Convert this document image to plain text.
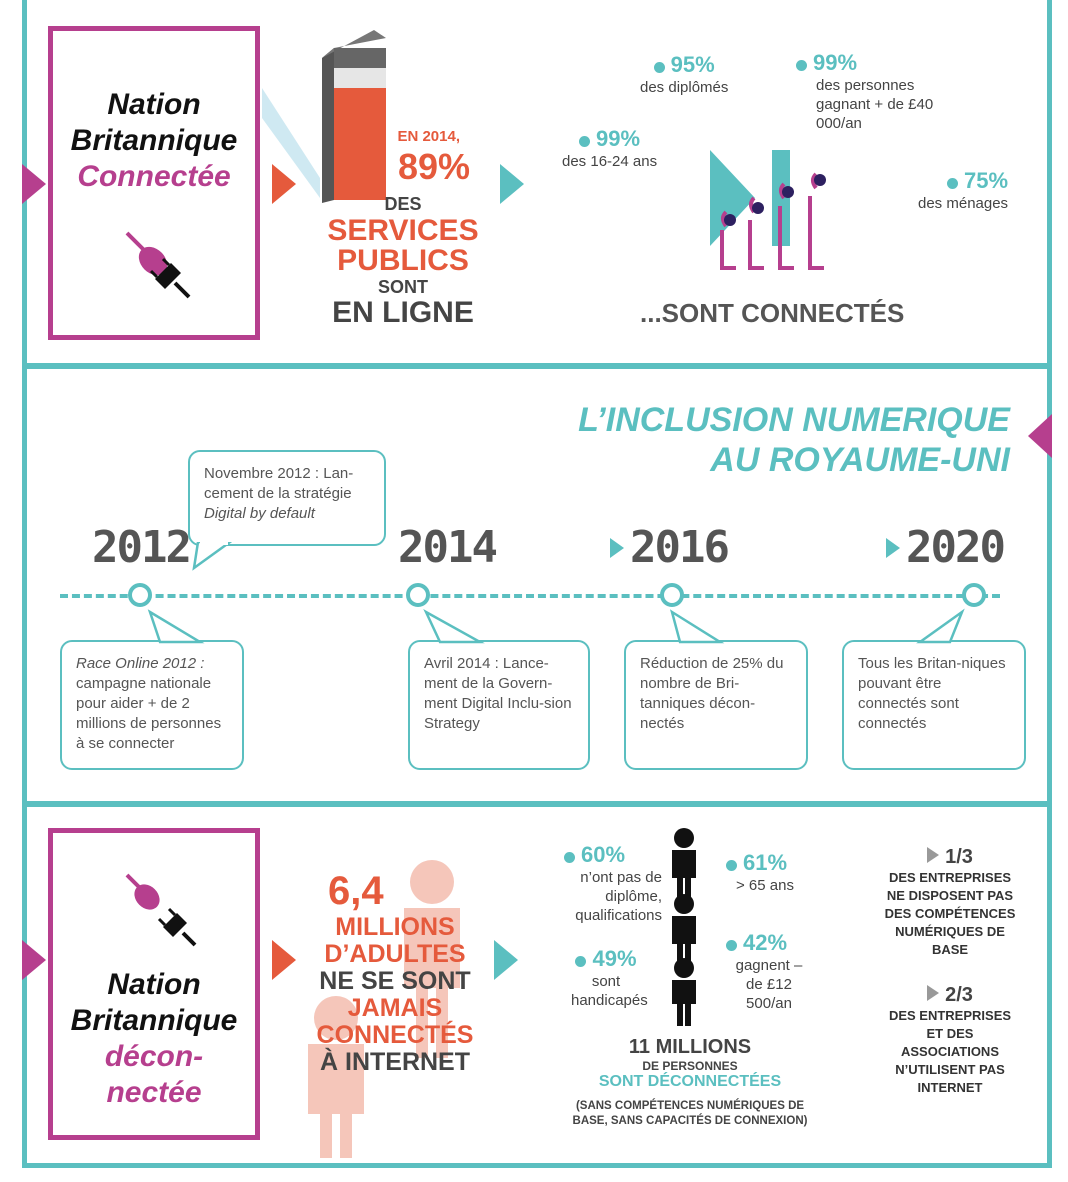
Nation
Britannique
Connectée
EN 2014,
89%
DES
SERVICES
PUBLICS
SONT
EN LIGNE
95%
des diplômés
99%
des personnes gagnant + de £40 000/an
99%
des 16-24 ans
75%
des ménages
...SONT CONNECTÉS
L’INCLUSION NUMERIQUE
AU ROYAUME-UNI
Novembre 2012 : Lan-cement de la stratégie
Digital by default
2012	2014	2016	2020
Race Online 2012 : campagne nationale pour aider + de 2 millions de personnes à se connecter
Avril 2014 : Lance-ment de la Govern-ment Digital Inclu-sion Strategy
Réduction de 25% du nombre de Bri-tanniques décon-nectés
Tous les Britan-niques pouvant être connectés sont connectés
Nation
Britannique
décon-
nectée
6,4
MILLIONS
D’ADULTES
NE SE SONT
JAMAIS
CONNECTÉS
À INTERNET
60%
n’ont pas de diplôme, qualifications
61%
> 65 ans
49%
sont handicapés
42%
gagnent – de £12 500/an
11 MILLIONS
DE PERSONNES
SONT DÉCONNECTÉES
(SANS COMPÉTENCES NUMÉRIQUES DE BASE, SANS CAPACITÉS DE CONNEXION)
1/3
DES ENTREPRISES NE DISPOSENT PAS DES COMPÉTENCES NUMÉRIQUES DE BASE
2/3
DES ENTREPRISES ET DES ASSOCIATIONS N’UTILISENT PAS INTERNET
